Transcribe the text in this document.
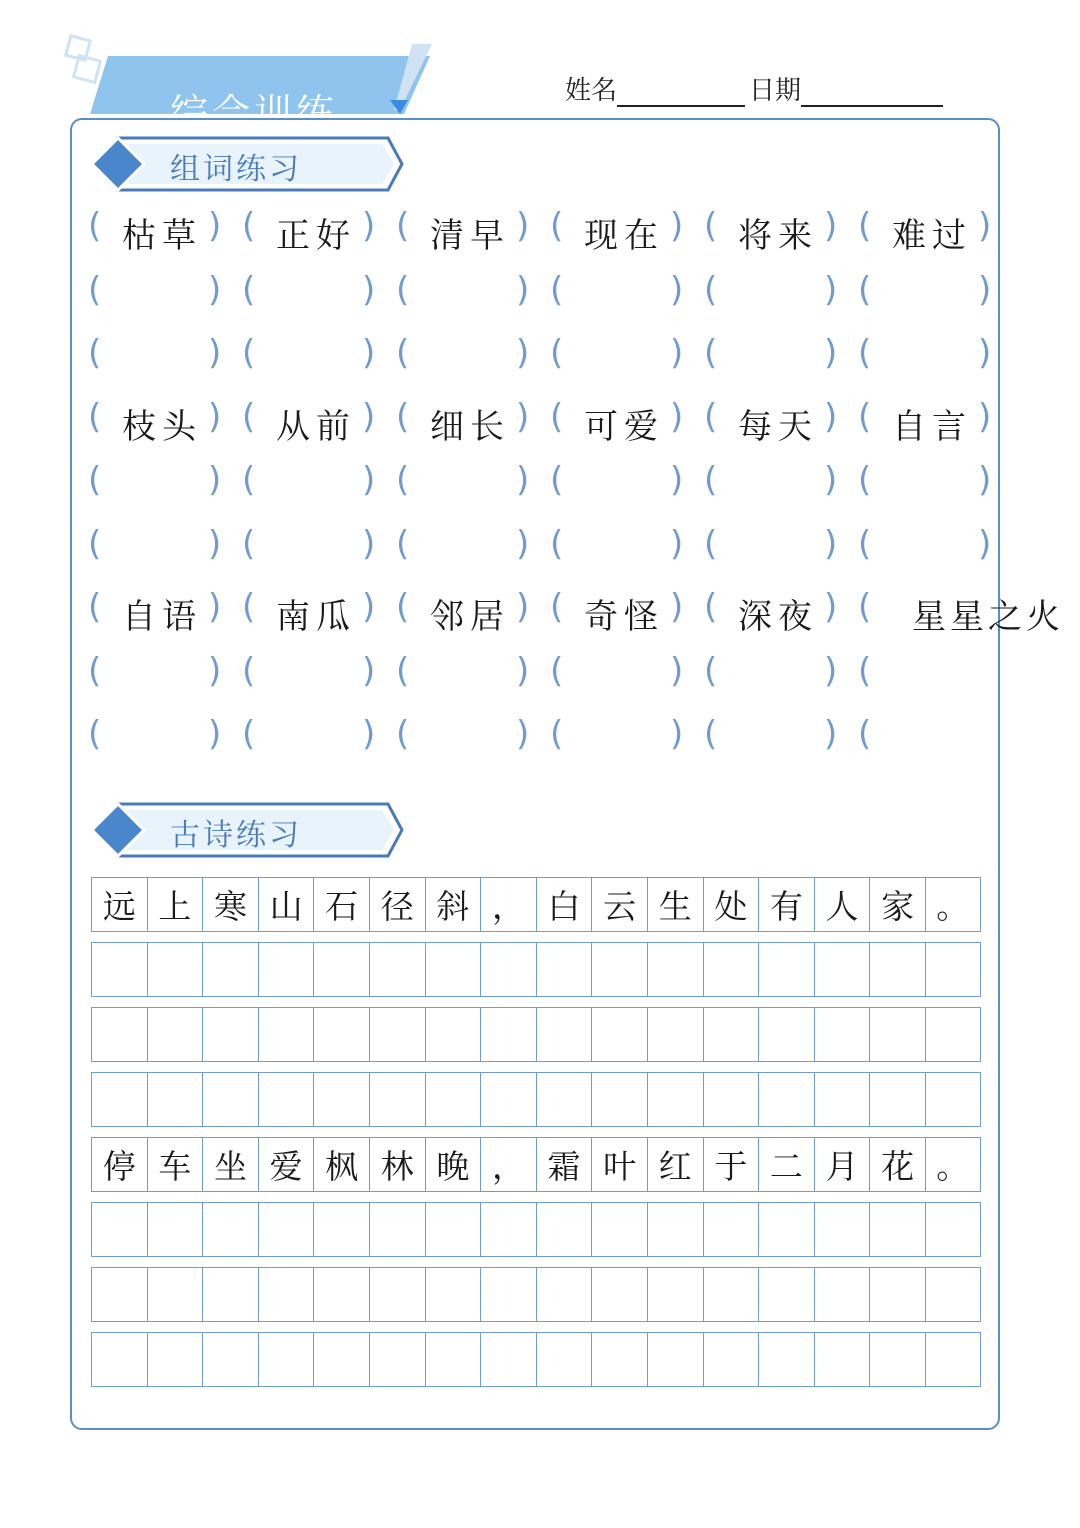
综合训练	姓名	日期
组词练习
( 枯草 ) ( 正好 ) ( 清早 ) ( 现在 ) ( 将来 ) ( 难过 )
(	) (	) (	) (	) (	) (	)
(	) (	) (	) (	) (	) (	)
( 枝头 ) ( 从前 ) ( 细长 ) ( 可爱 ) ( 每天 ) ( 自言 )
(	) (	) (	) (	) (	) (	)
(	) (	) (	) (	) (	) (	)
( 自语 ) ( 南瓜 ) ( 邻居 ) ( 奇怪 ) ( 深夜 ) ( 星星之火
(	) (	) (	) (	) (	) (
(	) (	) (	) (	) (	) (
古诗练习
远 上 寒 山 石 径 斜 ， 白 云 生 处 有 人 家 。
停 车 坐 爱 枫 林 晚 ， 霜 叶 红 于 二 月 花 。
